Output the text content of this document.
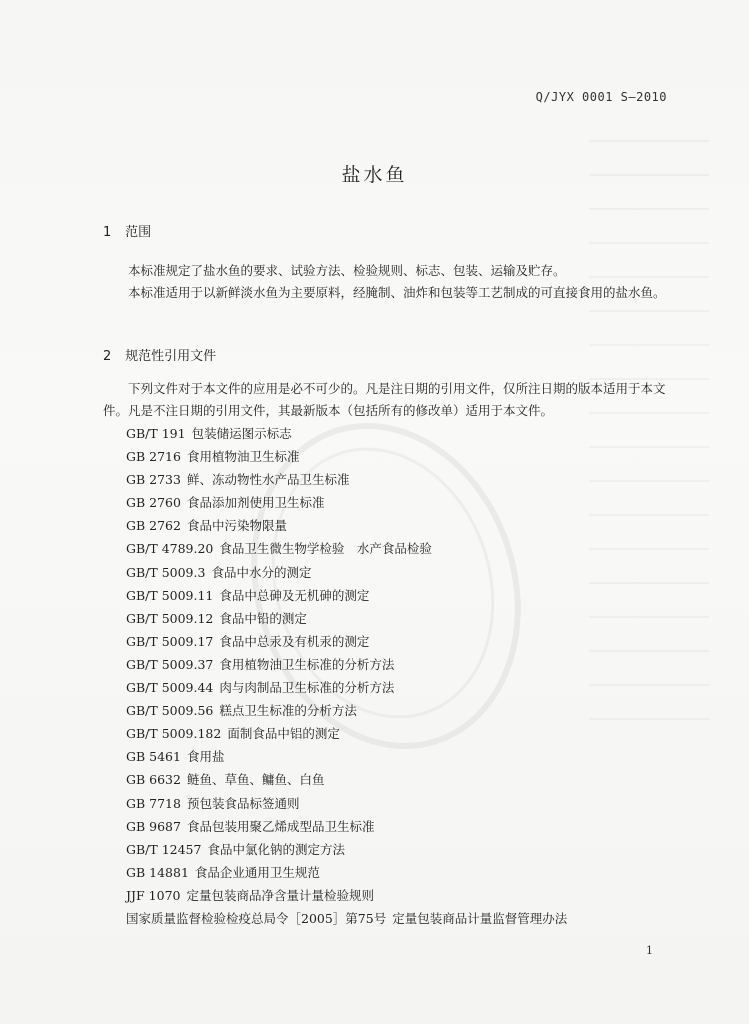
Q/JYX 0001 S—2010
盐水鱼
1 范围

本标准规定了盐水鱼的要求、试验方法、检验规则、标志、包装、运输及贮存。

本标准适用于以新鲜淡水鱼为主要原料，经腌制、油炸和包装等工艺制成的可直接食用的盐水鱼。

2 规范性引用文件

下列文件对于本文件的应用是必不可少的。凡是注日期的引用文件，仅所注日期的版本适用于本文

件。凡是不注日期的引用文件，其最新版本（包括所有的修改单）适用于本文件。

GB/T 191 包装储运图示标志
GB 2716 食用植物油卫生标准
GB 2733 鲜、冻动物性水产品卫生标准
GB 2760 食品添加剂使用卫生标准
GB 2762 食品中污染物限量
GB/T 4789.20 食品卫生微生物学检验　水产食品检验
GB/T 5009.3 食品中水分的测定
GB/T 5009.11 食品中总砷及无机砷的测定
GB/T 5009.12 食品中铅的测定
GB/T 5009.17 食品中总汞及有机汞的测定
GB/T 5009.37 食用植物油卫生标准的分析方法
GB/T 5009.44 肉与肉制品卫生标准的分析方法
GB/T 5009.56 糕点卫生标准的分析方法
GB/T 5009.182 面制食品中铝的测定
GB 5461 食用盐
GB 6632 鲢鱼、草鱼、鳙鱼、白鱼
GB 7718 预包装食品标签通则
GB 9687 食品包装用聚乙烯成型品卫生标准
GB/T 12457 食品中氯化钠的测定方法
GB 14881 食品企业通用卫生规范
JJF 1070 定量包装商品净含量计量检验规则
国家质量监督检验检疫总局令［2005］第75号 定量包装商品计量监督管理办法
1
